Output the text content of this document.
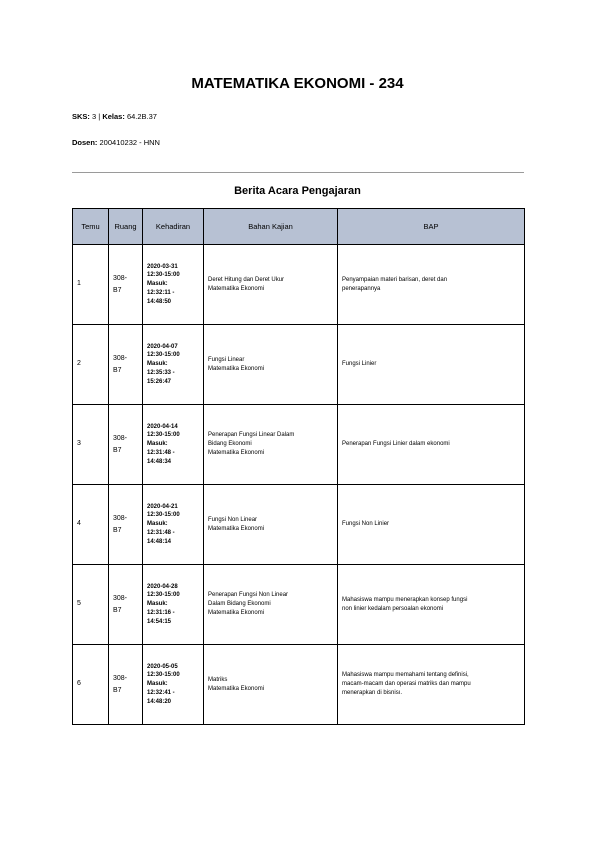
MATEMATIKA EKONOMI - 234
SKS: 3 | Kelas: 64.2B.37
Dosen: 200410232 - HNN
Berita Acara Pengajaran
Temu	Ruang	Kehadiran	Bahan Kajian	BAP
1	308-
B7	2020-03-31
12:30-15:00
Masuk:
12:32:11 -
14:48:50	Deret Hitung dan Deret Ukur
Matematika Ekonomi	Penyampaian materi barisan, deret dan
penerapannya

2	308-
B7	2020-04-07
12:30-15:00
Masuk:
12:35:33 -
15:26:47	Fungsi Linear
Matematika Ekonomi	Fungsi Linier

3	308-
B7	2020-04-14
12:30-15:00
Masuk:
12:31:48 -
14:48:34	Penerapan Fungsi Linear Dalam
Bidang Ekonomi
Matematika Ekonomi	Penerapan Fungsi Linier dalam ekonomi

4	308-
B7	2020-04-21
12:30-15:00
Masuk:
12:31:48 -
14:48:14	Fungsi Non Linear
Matematika Ekonomi	Fungsi Non Linier

5	308-
B7	2020-04-28
12:30-15:00
Masuk:
12:31:16 -
14:54:15	Penerapan Fungsi Non Linear
Dalam Bidang Ekonomi
Matematika Ekonomi	Mahasiswa mampu menerapkan konsep fungsi
non linier kedalam persoalan ekonomi

6	308-
B7	2020-05-05
12:30-15:00
Masuk:
12:32:41 -
14:48:20	Matriks
Matematika Ekonomi	Mahasiswa mampu memahami tentang definisi,
macam-macam dan operasi matriks dan mampu
menerapkan di bisnisı.
